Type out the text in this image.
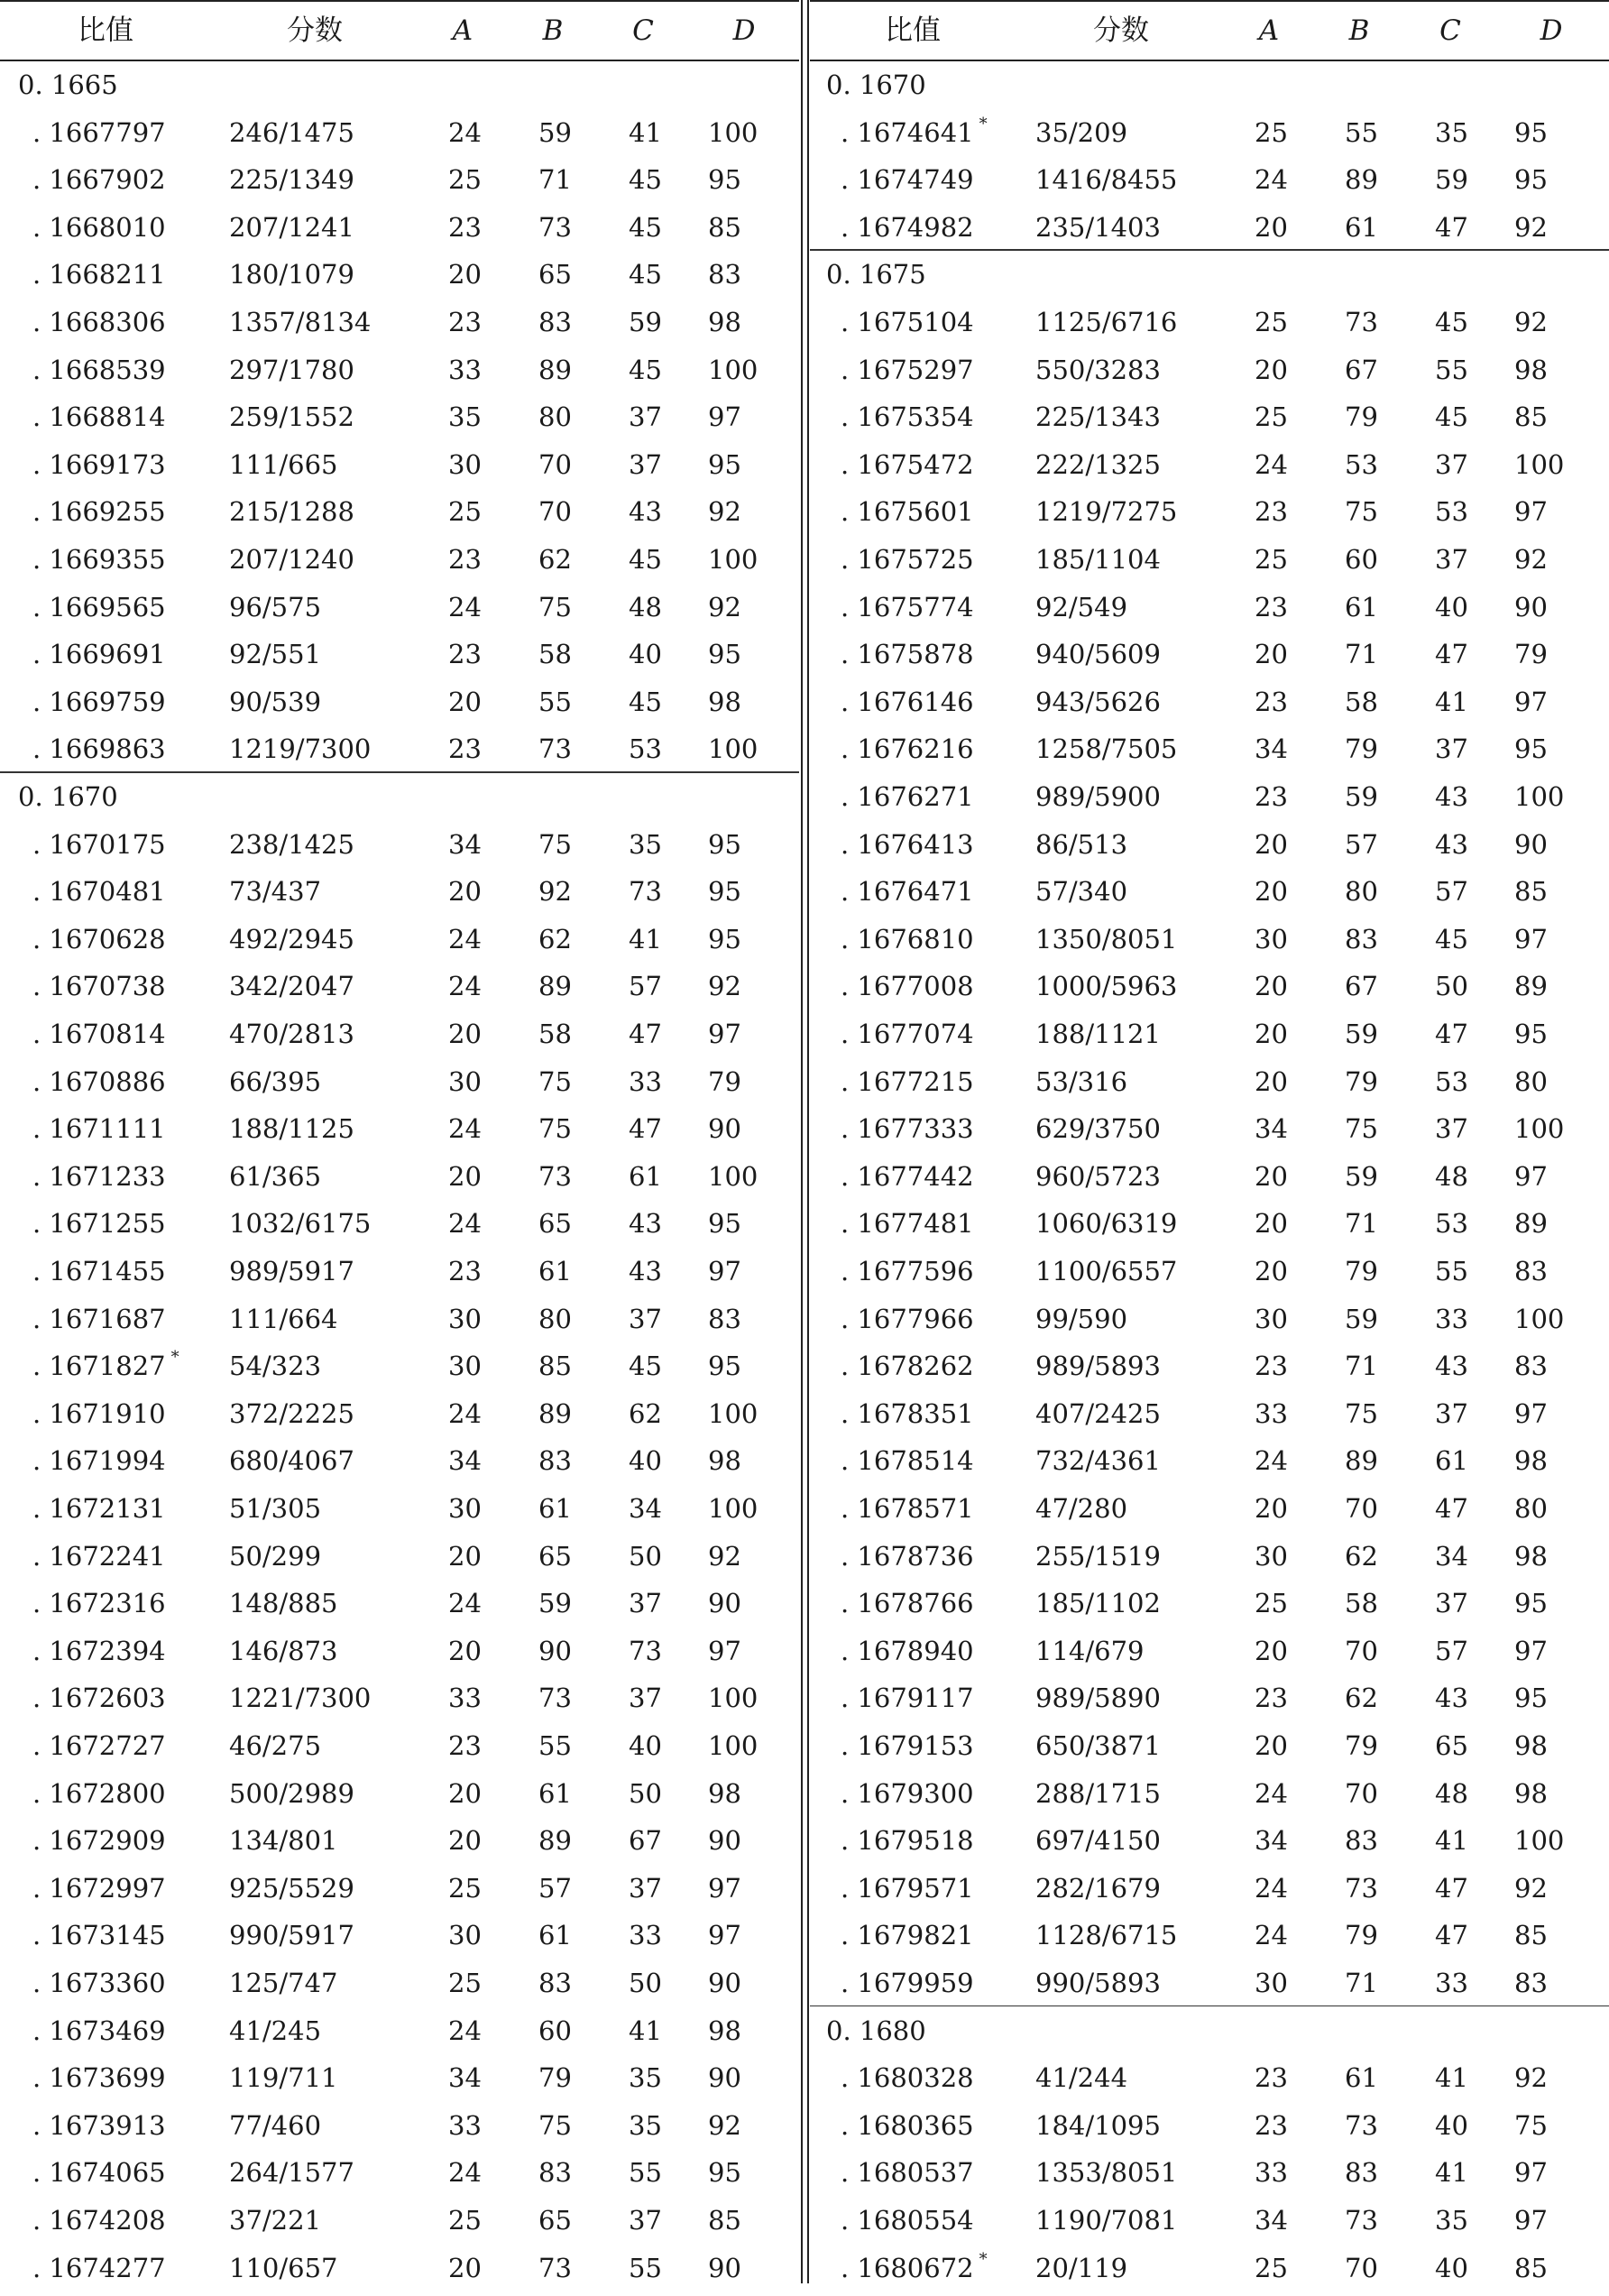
比值	分数	A B C	D
0. 1665
. 1667797 246/1475	24 59 41 100
. 1667902 225/1349	25 71 45 95
. 1668010 207/1241	23 73 45 85
. 1668211 180/1079	20 65 45 83
. 1668306 1357/8134	23 83 59 98
. 1668539 297/1780	33 89 45 100
. 1668814 259/1552	35 80 37 97
. 1669173 111/665	30 70 37 95
. 1669255 215/1288	25 70 43 92
. 1669355 207/1240	23 62 45 100
. 1669565 96/575	24 75 48 92
. 1669691 92/551	23 58 40 95
. 1669759 90/539	20 55 45 98
. 1669863 1219/7300	23 73 53 100
0. 1670
. 1670175 238/1425	34 75 35 95
. 1670481 73/437	20 92 73 95
. 1670628 492/2945	24 62 41 95
. 1670738 342/2047	24 89 57 92
. 1670814 470/2813	20 58 47 97
. 1670886 66/395	30 75 33 79
. 1671111 188/1125	24 75 47 90
. 1671233 61/365	20 73 61 100
. 1671255 1032/6175	24 65 43 95
. 1671455 989/5917	23 61 43 97
. 1671687 111/664	30 80 37 83
. 1671827 * 54/323	30 85 45 95
. 1671910 372/2225	24 89 62 100
. 1671994 680/4067	34 83 40 98
. 1672131 51/305	30 61 34 100
. 1672241 50/299	20 65 50 92
. 1672316 148/885	24 59 37 90
. 1672394 146/873	20 90 73 97
. 1672603 1221/7300	33 73 37 100
. 1672727 46/275	23 55 40 100
. 1672800 500/2989	20 61 50 98
. 1672909 134/801	20 89 67 90
. 1672997 925/5529	25 57 37 97
. 1673145 990/5917	30 61 33 97
. 1673360 125/747	25 83 50 90
. 1673469 41/245	24 60 41 98
. 1673699 119/711	34 79 35 90
. 1673913 77/460	33 75 35 92
. 1674065 264/1577	24 83 55 95
. 1674208 37/221	25 65 37 85
. 1674277 110/657	20 73 55 90
比值	分数	A B	C	D
0. 1670
. 1674641 * 35/209	25 55 35 95
. 1674749 1416/8455	24 89 59 95
. 1674982 235/1403	20 61 47 92
0. 1675
. 1675104 1125/6716	25 73 45 92
. 1675297 550/3283	20 67 55 98
. 1675354 225/1343	25 79 45 85
. 1675472 222/1325	24 53 37 100
. 1675601 1219/7275	23 75 53 97
. 1675725 185/1104	25 60 37 92
. 1675774 92/549	23 61 40 90
. 1675878 940/5609	20 71 47 79
. 1676146 943/5626	23 58 41 97
. 1676216 1258/7505	34 79 37 95
. 1676271 989/5900	23 59 43 100
. 1676413 86/513	20 57 43 90
. 1676471 57/340	20 80 57 85
. 1676810 1350/8051	30 83 45 97
. 1677008 1000/5963	20 67 50 89
. 1677074 188/1121	20 59 47 95
. 1677215 53/316	20 79 53 80
. 1677333 629/3750	34 75 37 100
. 1677442 960/5723	20 59 48 97
. 1677481 1060/6319	20 71 53 89
. 1677596 1100/6557	20 79 55 83
. 1677966 99/590	30 59 33 100
. 1678262 989/5893	23 71 43 83
. 1678351 407/2425	33 75 37 97
. 1678514 732/4361	24 89 61 98
. 1678571 47/280	20 70 47 80
. 1678736 255/1519	30 62 34 98
. 1678766 185/1102	25 58 37 95
. 1678940 114/679	20 70 57 97
. 1679117 989/5890	23 62 43 95
. 1679153 650/3871	20 79 65 98
. 1679300 288/1715	24 70 48 98
. 1679518 697/4150	34 83 41 100
. 1679571 282/1679	24 73 47 92
. 1679821 1128/6715	24 79 47 85
. 1679959 990/5893	30 71 33 83
0. 1680
. 1680328 41/244	23 61 41 92
. 1680365 184/1095	23 73 40 75
. 1680537 1353/8051	33 83 41 97
. 1680554 1190/7081	34 73 35 97
. 1680672 * 20/119	25 70 40 85
